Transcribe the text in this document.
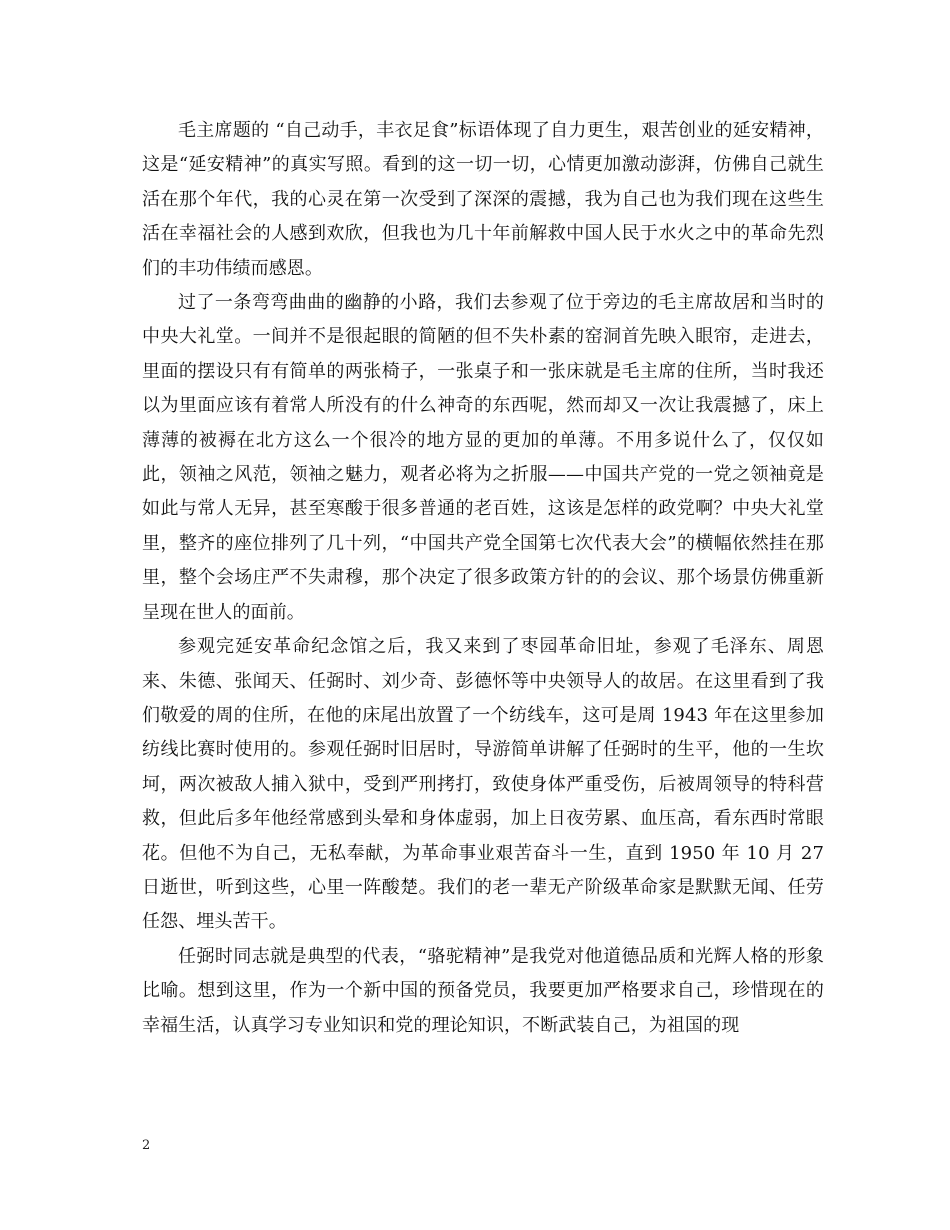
毛主席题的 “自己动手，丰衣足食”标语体现了自力更生，艰苦创业的延安精神，这是“延安精神”的真实写照。看到的这一切一切，心情更加激动澎湃，仿佛自己就生活在那个年代，我的心灵在第一次受到了深深的震撼，我为自己也为我们现在这些生活在幸福社会的人感到欢欣，但我也为几十年前解救中国人民于水火之中的革命先烈们的丰功伟绩而感恩。

过了一条弯弯曲曲的幽静的小路，我们去参观了位于旁边的毛主席故居和当时的中央大礼堂。一间并不是很起眼的简陋的但不失朴素的窑洞首先映入眼帘，走进去，里面的摆设只有有简单的两张椅子，一张桌子和一张床就是毛主席的住所，当时我还以为里面应该有着常人所没有的什么神奇的东西呢，然而却又一次让我震撼了，床上薄薄的被褥在北方这么一个很冷的地方显的更加的单薄。不用多说什么了，仅仅如此，领袖之风范，领袖之魅力，观者必将为之折服——中国共产党的一党之领袖竟是如此与常人无异，甚至寒酸于很多普通的老百姓，这该是怎样的政党啊？中央大礼堂里，整齐的座位排列了几十列，“中国共产党全国第七次代表大会”的横幅依然挂在那里，整个会场庄严不失肃穆，那个决定了很多政策方针的的会议、那个场景仿佛重新呈现在世人的面前。

参观完延安革命纪念馆之后，我又来到了枣园革命旧址，参观了毛泽东、周恩来、朱德、张闻天、任弼时、刘少奇、彭德怀等中央领导人的故居。在这里看到了我们敬爱的周的住所，在他的床尾出放置了一个纺线车，这可是周 1943 年在这里参加纺线比赛时使用的。参观任弼时旧居时，导游简单讲解了任弼时的生平，他的一生坎坷，两次被敌人捕入狱中，受到严刑拷打，致使身体严重受伤，后被周领导的特科营救，但此后多年他经常感到头晕和身体虚弱，加上日夜劳累、血压高，看东西时常眼花。但他不为自己，无私奉献，为革命事业艰苦奋斗一生，直到 1950 年 10 月 27 日逝世，听到这些，心里一阵酸楚。我们的老一辈无产阶级革命家是默默无闻、任劳任怨、埋头苦干。

任弼时同志就是典型的代表，“骆驼精神”是我党对他道德品质和光辉人格的形象比喻。想到这里，作为一个新中国的预备党员，我要更加严格要求自己，珍惜现在的幸福生活，认真学习专业知识和党的理论知识，不断武装自己，为祖国的现

2
